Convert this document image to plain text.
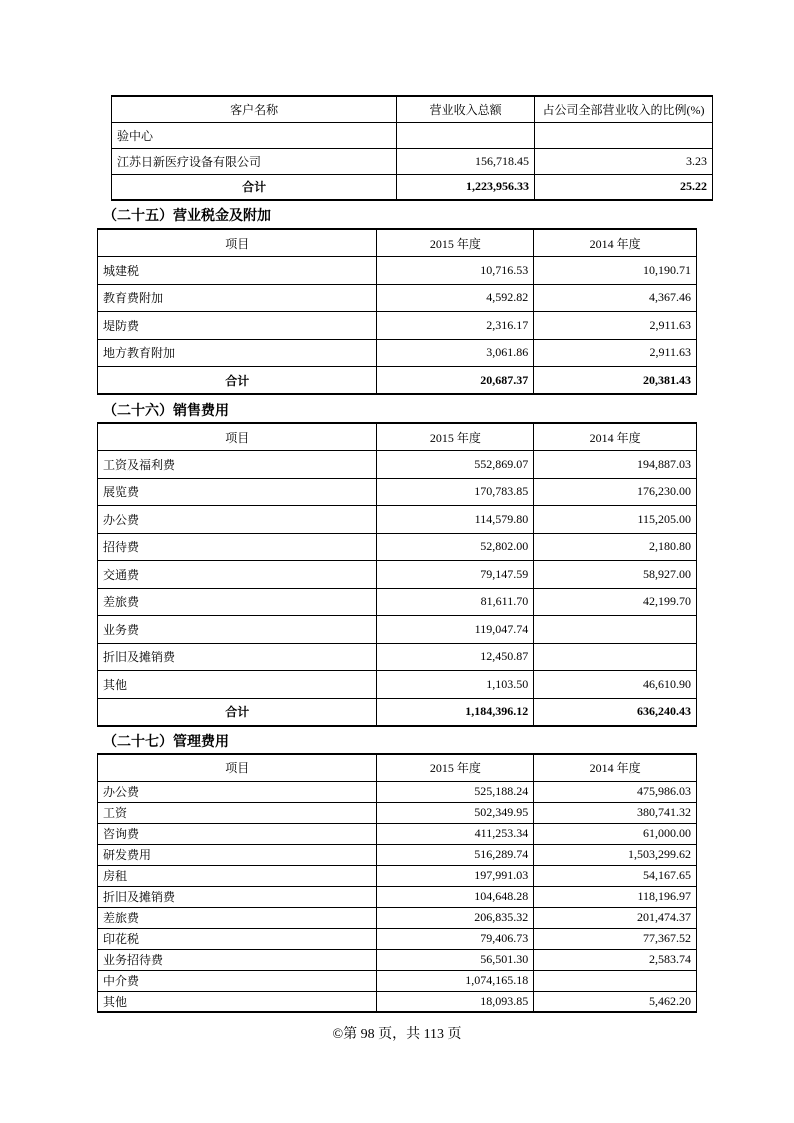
客户名称	营业收入总额	占公司全部营业收入的比例(%)
验中心		
江苏日新医疗设备有限公司	156,718.45	3.23
合计	1,223,956.33	25.22
（二十五）营业税金及附加
项目	2015 年度	2014 年度
城建税	10,716.53	10,190.71
教育费附加	4,592.82	4,367.46
堤防费	2,316.17	2,911.63
地方教育附加	3,061.86	2,911.63
合计	20,687.37	20,381.43
（二十六）销售费用
项目	2015 年度	2014 年度
工资及福利费	552,869.07	194,887.03
展览费	170,783.85	176,230.00
办公费	114,579.80	115,205.00
招待费	52,802.00	2,180.80
交通费	79,147.59	58,927.00
差旅费	81,611.70	42,199.70
业务费	119,047.74	
折旧及摊销费	12,450.87	
其他	1,103.50	46,610.90
合计	1,184,396.12	636,240.43
（二十七）管理费用
项目	2015 年度	2014 年度
办公费	525,188.24	475,986.03
工资	502,349.95	380,741.32
咨询费	411,253.34	61,000.00
研发费用	516,289.74	1,503,299.62
房租	197,991.03	54,167.65
折旧及摊销费	104,648.28	118,196.97
差旅费	206,835.32	201,474.37
印花税	79,406.73	77,367.52
业务招待费	56,501.30	2,583.74
中介费	1,074,165.18	
其他	18,093.85	5,462.20
©第 98 页，共 113 页
